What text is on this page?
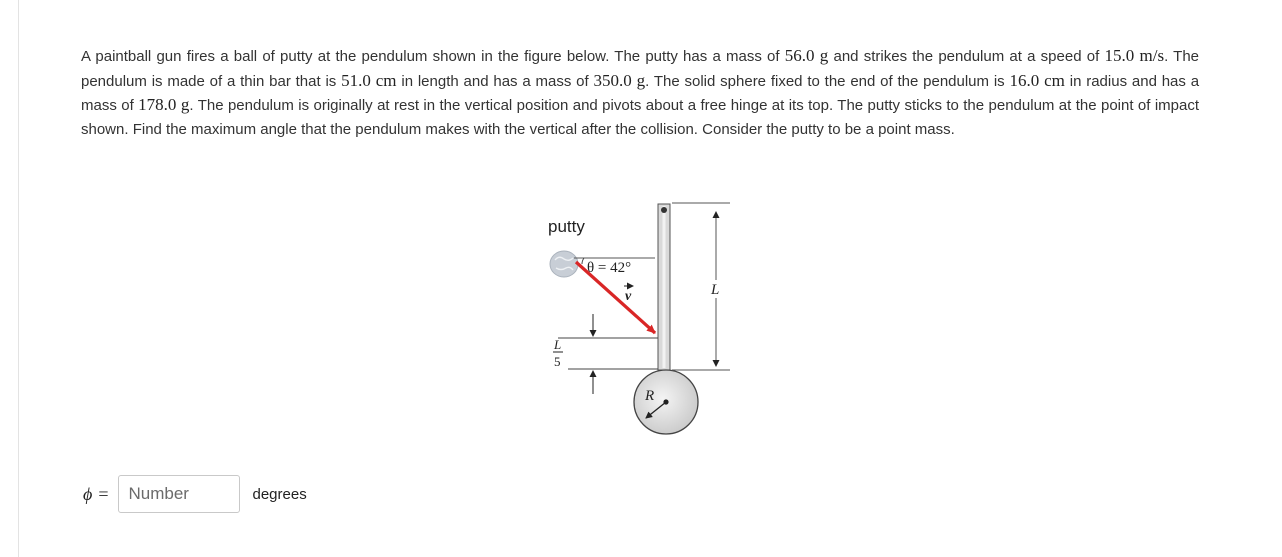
A paintball gun fires a ball of putty at the pendulum shown in the figure below. The putty has a mass of 56.0 g and strikes the pendulum at a speed of 15.0 m/s. The pendulum is made of a thin bar that is 51.0 cm in length and has a mass of 350.0 g. The solid sphere fixed to the end of the pendulum is 16.0 cm in radius and has a mass of 178.0 g. The pendulum is originally at rest in the vertical position and pivots about a free hinge at its top. The putty sticks to the pendulum at the point of impact shown. Find the maximum angle that the pendulum makes with the vertical after the collision. Consider the putty to be a point mass.
R
L
L
5
putty
θ = 42°
v
ϕ =
Number	degrees
